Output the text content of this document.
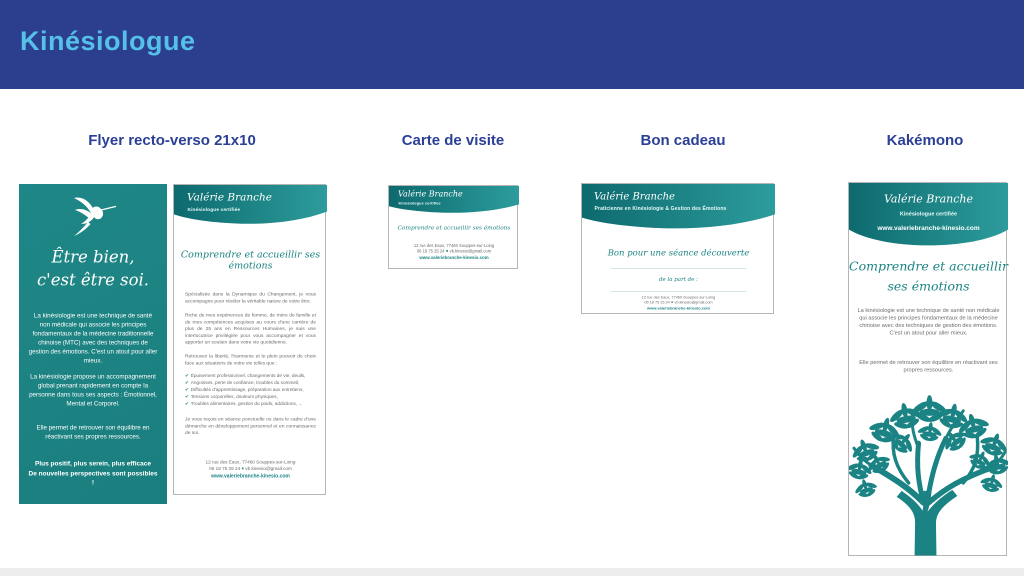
Kinésiologue
Flyer recto-verso 21x10	Carte de visite	Bon cadeau	Kakémono
Être bien,
c'est être soi.
La kinésiologie est une technique de santé non médicale qui associe les principes fondamentaux de la médecine traditionnelle chinoise (MTC) avec des techniques de gestion des émotions. C'est un atout pour aller mieux.
La kinésiologie propose un accompagnement global prenant rapidement en compte la personne dans tous ses aspects : Émotionnel, Mental et Corporel.
Elle permet de retrouver son équilibre en réactivant ses propres ressources.
Plus positif, plus serein, plus efficace
De nouvelles perspectives sont possibles !
Valérie Branche
Kinésiologue certifiée
Comprendre et accueillir ses émotions
Spécialisée dans la Dynamique du Changement, je vous accompagne pour révéler la véritable nature de votre être.
Riche de mes expériences de femme, de mère de famille et de mes compétences acquises au cours d'une carrière de plus de 25 ans en Ressources Humaines, je suis une interlocutrice privilégiée pour vous accompagner et vous apporter un soutien dans votre vie quotidienne.
Retrouvez la liberté, l'harmonie et le plein pouvoir de choix face aux situations de votre vie telles que :
✔ Épuisement professionnel, changements de vie, deuils,
✔ Angoisses, perte de confiance, troubles du sommeil,
✔ Difficultés d'apprentissage, préparation aux entretiens,
✔ Tensions corporelles, douleurs physiques,
✔ Troubles alimentaires, gestion du poids, addictions, ...
Je vous reçois en séance ponctuelle ou dans le cadre d'une démarche en développement personnel et en connaissance de soi.
12 rue des Eaux, 77460 Souppes-sur-Loing
06 18 75 25 24 ■ vb.kinesio@gmail.com
www.valeriebranche-kinesio.com
Valérie Branche
Kinésiologue certifiée
Comprendre et accueillir ses émotions
12 rue des Eaux, 77460 Souppes-sur-Loing
06 18 75 25 24 ■ vb.kinesio@gmail.com
www.valeriebranche-kinesio.com
Valérie Branche
Praticienne en Kinésiologie & Gestion des Émotions
Bon pour une séance découverte
de la part de :
12 rue des Eaux, 77460 Souppes-sur-Loing
06 18 75 25 24 ■ vb.kinesio@gmail.com
www.valeriebranche-kinesio.com
Valérie Branche
Kinésiologue certifiée
www.valeriebranche-kinesio.com
Comprendre et accueillir
ses émotions
La kinésiologie est une technique de santé non médicale qui associe les principes fondamentaux de la médecine chinoise avec des techniques de gestion des émotions. C'est un atout pour aller mieux.
Elle permet de retrouver son équilibre en réactivant ses propres ressources.
